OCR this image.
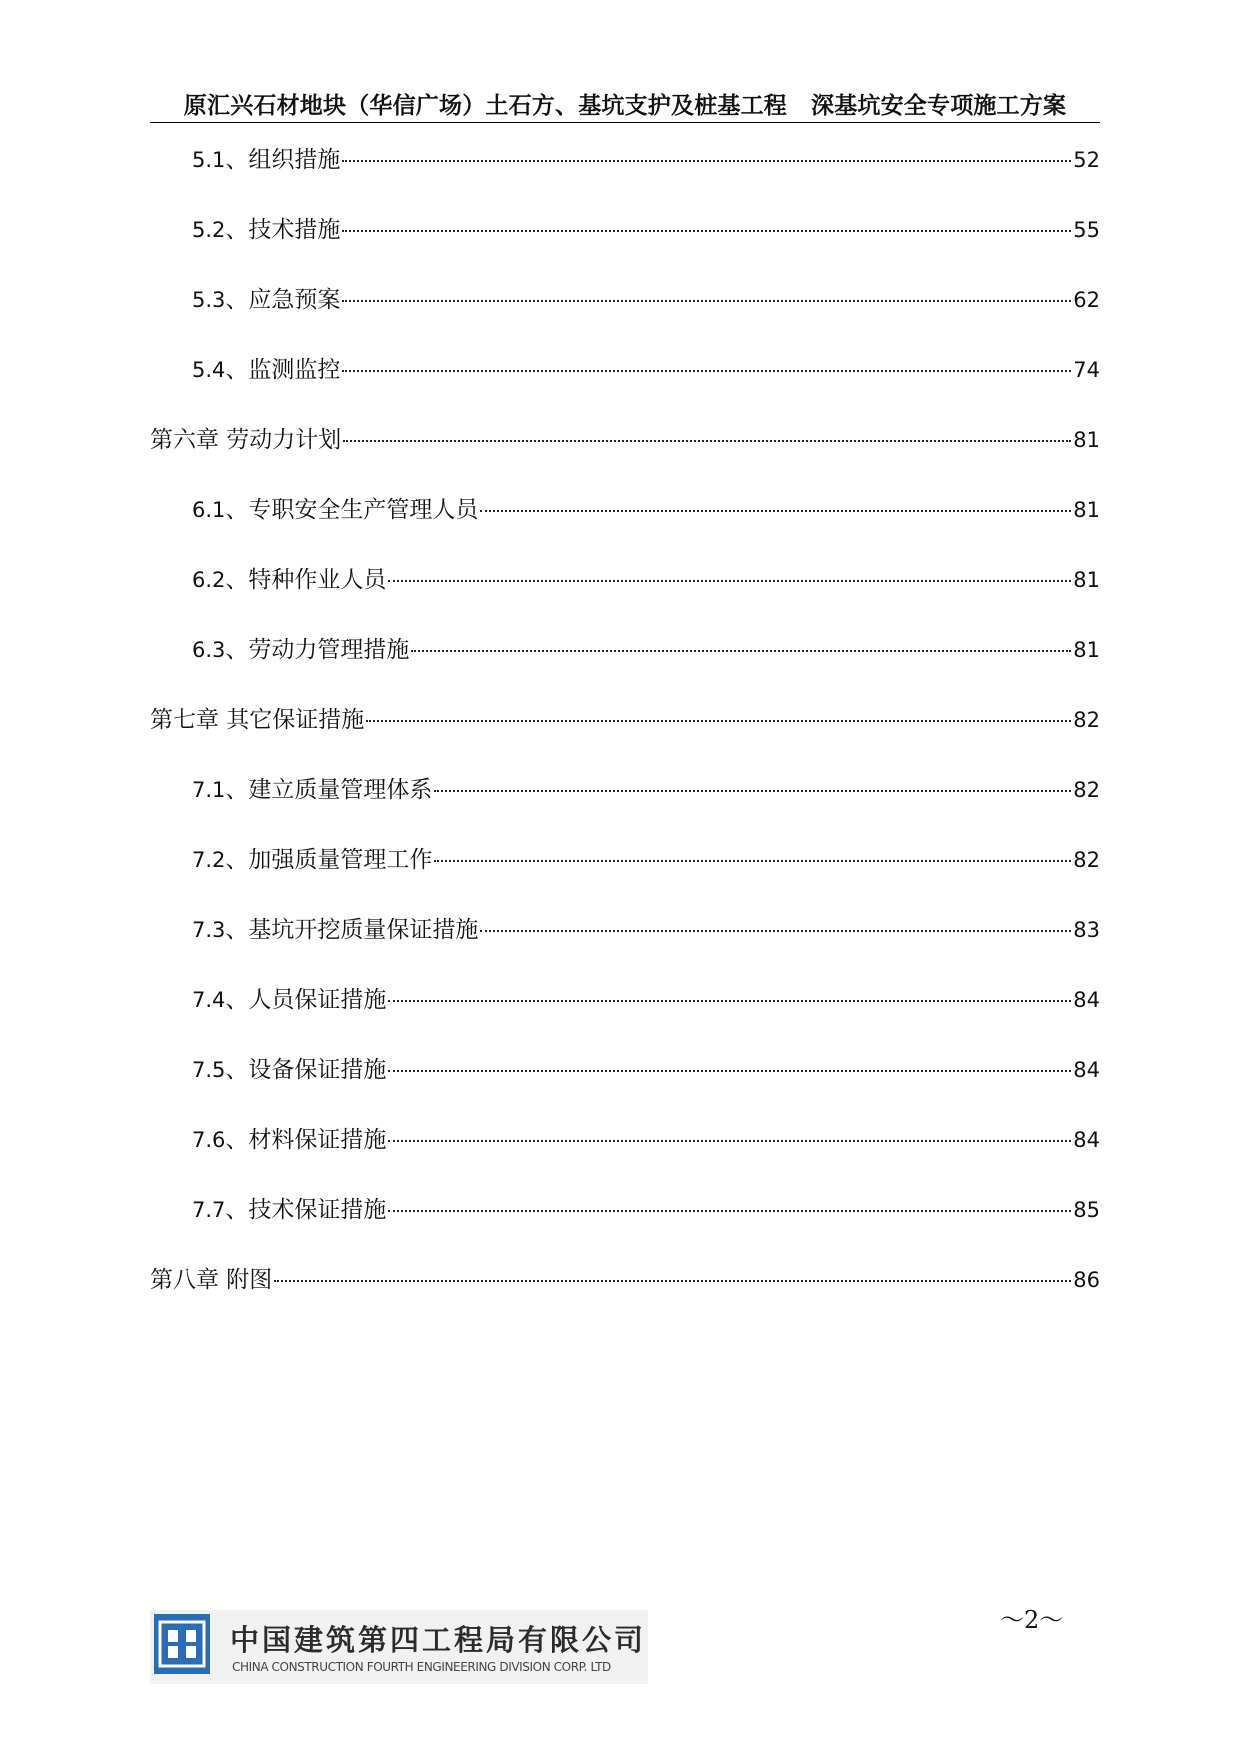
原汇兴石材地块（华信广场）土石方、基坑支护及桩基工程 深基坑安全专项施工方案
5.1、组织措施	52
5.2、技术措施	55
5.3、应急预案	62
5.4、监测监控	74
第六章 劳动力计划	81
6.1、专职安全生产管理人员	81
6.2、特种作业人员	81
6.3、劳动力管理措施	81
第七章 其它保证措施	82
7.1、建立质量管理体系	82
7.2、加强质量管理工作	82
7.3、基坑开挖质量保证措施	83
7.4、人员保证措施	84
7.5、设备保证措施	84
7.6、材料保证措施	84
7.7、技术保证措施	85
第八章 附图	86
～2～
中国建筑第四工程局有限公司
CHINA CONSTRUCTION FOURTH ENGINEERING DIVISION CORP. LTD
